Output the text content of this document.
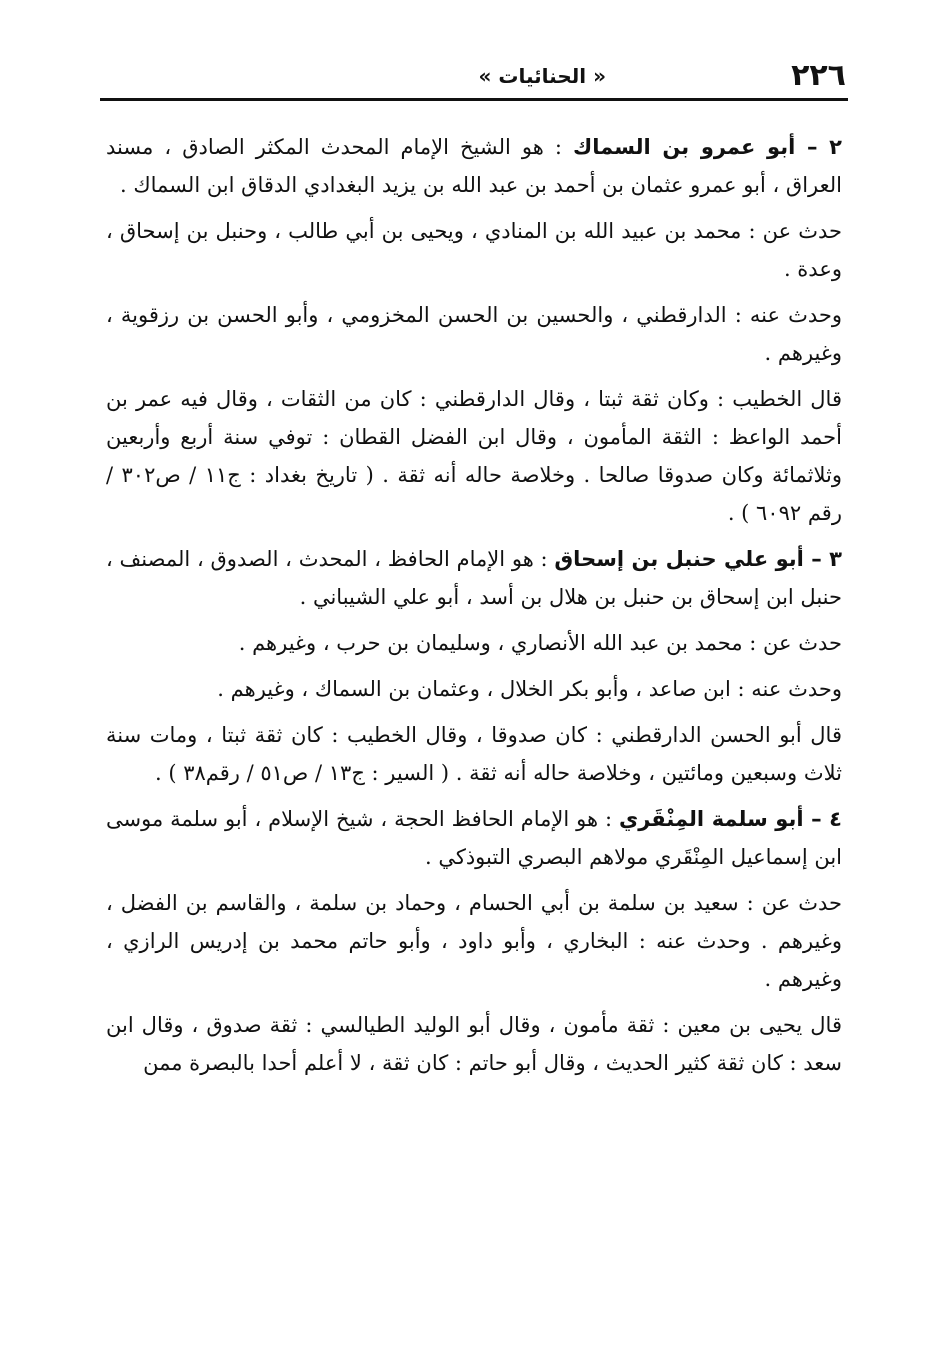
٢٢٦
« الحنائيات »

٢ – أبو عمرو بن السماك : هو الشيخ الإمام المحدث المكثر الصادق ، مسند العراق ، أبو عمرو عثمان بن أحمد بن عبد الله بن يزيد البغدادي الدقاق ابن السماك .

حدث عن : محمد بن عبيد الله بن المنادي ، ويحيى بن أبي طالب ، وحنبل بن إسحاق ، وعدة .

وحدث عنه : الدارقطني ، والحسين بن الحسن المخزومي ، وأبو الحسن بن رزقوية ، وغيرهم .

قال الخطيب : وكان ثقة ثبتا ، وقال الدارقطني : كان من الثقات ، وقال فيه عمر بن أحمد الواعظ : الثقة المأمون ، وقال ابن الفضل القطان : توفي سنة أربع وأربعين وثلاثمائة وكان صدوقا صالحا . وخلاصة حاله أنه ثقة . ( تاريخ بغداد : ج١١ / ص٣٠٢ / رقم ٦٠٩٢ ) .

٣ – أبو علي حنبل بن إسحاق : هو الإمام الحافظ ، المحدث ، الصدوق ، المصنف ، حنبل ابن إسحاق بن حنبل بن هلال بن أسد ، أبو علي الشيباني .

حدث عن : محمد بن عبد الله الأنصاري ، وسليمان بن حرب ، وغيرهم .

وحدث عنه : ابن صاعد ، وأبو بكر الخلال ، وعثمان بن السماك ، وغيرهم .

قال أبو الحسن الدارقطني : كان صدوقا ، وقال الخطيب : كان ثقة ثبتا ، ومات سنة ثلاث وسبعين ومائتين ، وخلاصة حاله أنه ثقة . ( السير : ج١٣ / ص٥١ / رقم٣٨ ) .

٤ – أبو سلمة المِنْقَري : هو الإمام الحافظ الحجة ، شيخ الإسلام ، أبو سلمة موسى ابن إسماعيل المِنْقَري مولاهم البصري التبوذكي .

حدث عن : سعيد بن سلمة بن أبي الحسام ، وحماد بن سلمة ، والقاسم بن الفضل ، وغيرهم . وحدث عنه : البخاري ، وأبو داود ، وأبو حاتم محمد بن إدريس الرازي ، وغيرهم .

قال يحيى بن معين : ثقة مأمون ، وقال أبو الوليد الطيالسي : ثقة صدوق ، وقال ابن سعد : كان ثقة كثير الحديث ، وقال أبو حاتم : كان ثقة ، لا أعلم أحدا بالبصرة ممن
